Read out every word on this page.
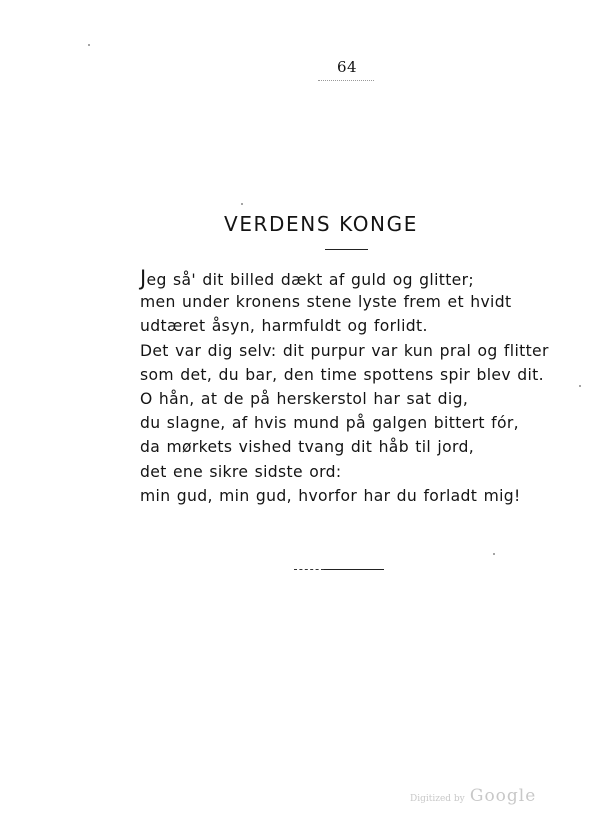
64
VERDENS KONGE
Jeg så' dit billed dækt af guld og glitter;
men under kronens stene lyste frem et hvidt
udtæret åsyn, harmfuldt og forlidt.
Det var dig selv: dit purpur var kun pral og flitter
som det, du bar, den time spottens spir blev dit.
O hån, at de på herskerstol har sat dig,
du slagne, af hvis mund på galgen bittert fór,
da mørkets vished tvang dit håb til jord,
det ene sikre sidste ord:
min gud, min gud, hvorfor har du forladt mig!
Digitized by Google
